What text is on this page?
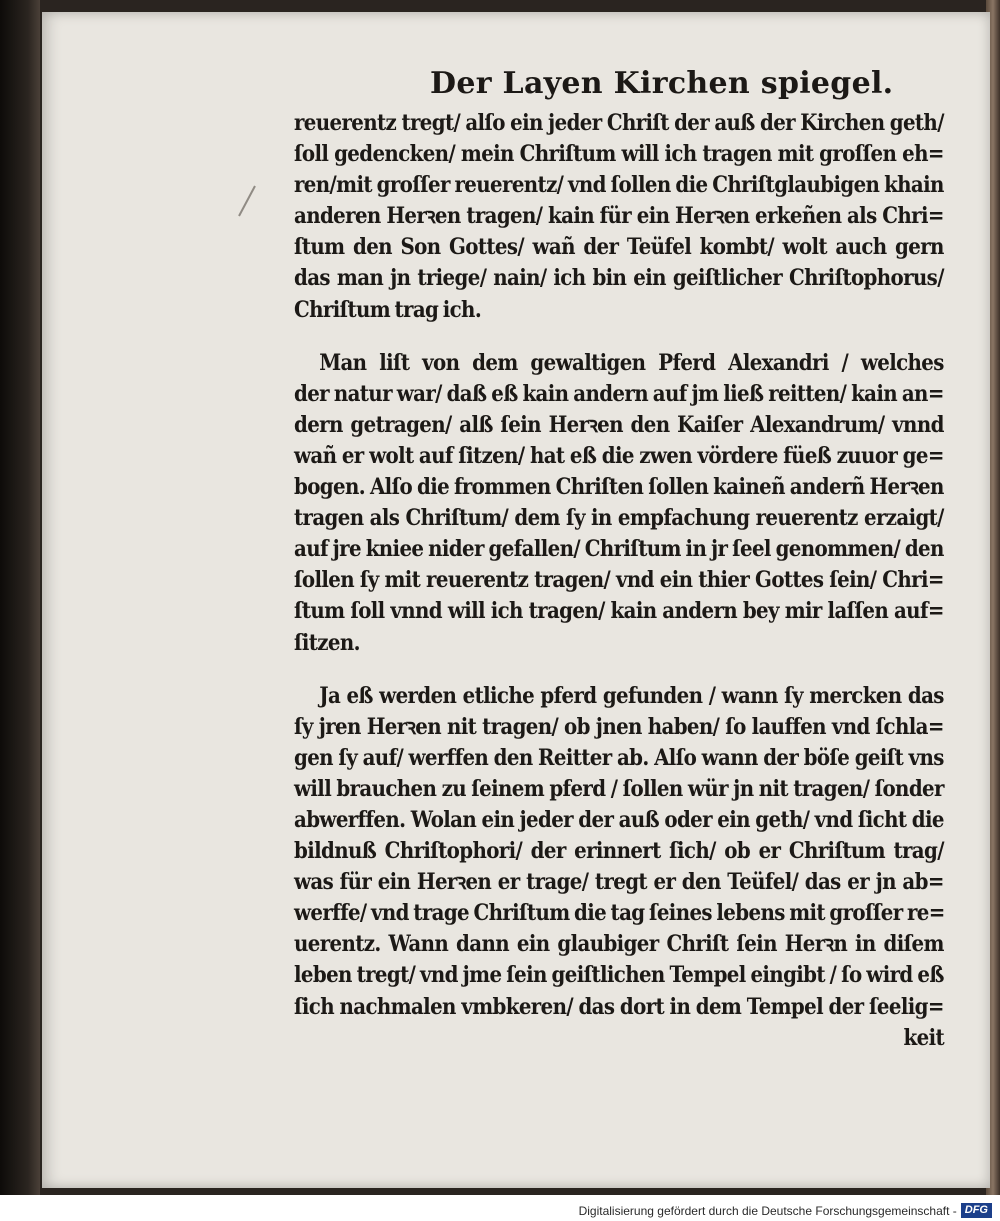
Der Layen Kirchen spiegel.
reuerentz tregt/ alſo ein jeder Chriſt der auß der Kirchen geth/
ſoll gedencken/ mein Chriſtum will ich tragen mit groſſen eh=
ren/mit groſſer reuerentz/ vnd ſollen die Chriſtglaubigen khain
anderen Herꝛen tragen/ kain für ein Herꝛen erkeñen als Chri=
ſtum den Son Gottes/ wañ der Teüfel kombt/ wolt auch gern
das man jn triege/ nain/ ich bin ein geiſtlicher Chriſtophorus/
Chriſtum trag ich.
Man liſt von dem gewaltigen Pferd Alexandri / welches
der natur war/ daß eß kain andern auf jm ließ reitten/ kain an=
dern getragen/ alß ſein Herꝛen den Kaiſer Alexandrum/ vnnd
wañ er wolt auf ſitzen/ hat eß die zwen vördere füeß zuuor ge=
bogen. Alſo die frommen Chriſten ſollen kaineñ anderñ Herꝛen
tragen als Chriſtum/ dem ſy in empfachung reuerentz erzaigt/
auf jre kniee nider gefallen/ Chriſtum in jr ſeel genommen/ den
ſollen ſy mit reuerentz tragen/ vnd ein thier Gottes ſein/ Chri=
ſtum ſoll vnnd will ich tragen/ kain andern bey mir laſſen auf=
ſitzen.
Ja eß werden etliche pferd gefunden / wann ſy mercken das
ſy jren Herꝛen nit tragen/ ob jnen haben/ ſo lauffen vnd ſchla=
gen ſy auf/ werffen den Reitter ab. Alſo wann der böſe geiſt vns
will brauchen zu ſeinem pferd / ſollen wür jn nit tragen/ ſonder
abwerffen. Wolan ein jeder der auß oder ein geth/ vnd ſicht die
bildnuß Chriſtophori/ der erinnert ſich/ ob er Chriſtum trag/
was für ein Herꝛen er trage/ tregt er den Teüfel/ das er jn ab=
werffe/ vnd trage Chriſtum die tag ſeines lebens mit groſſer re=
uerentz. Wann dann ein glaubiger Chriſt ſein Herꝛn in diſem
leben tregt/ vnd jme ſein geiſtlichen Tempel eingibt / ſo wird eß
ſich nachmalen vmbkeren/ das dort in dem Tempel der ſeelig=
keit
Digitalisierung gefördert durch die Deutsche Forschungsgemeinschaft - DFG
